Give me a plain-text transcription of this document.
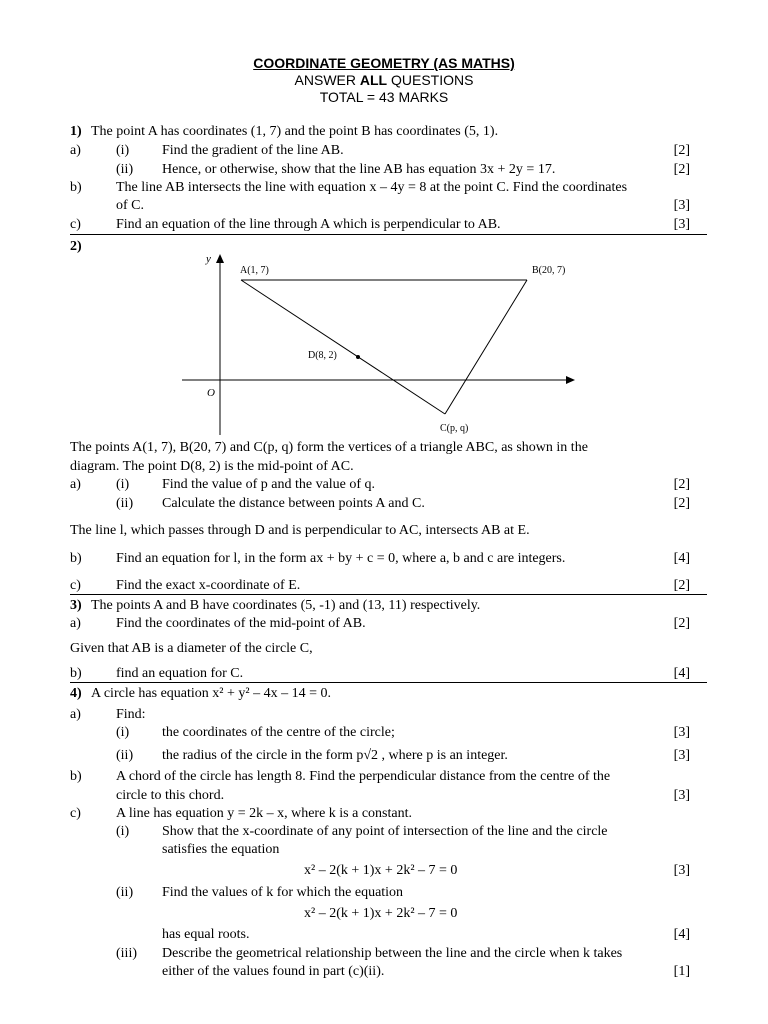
COORDINATE GEOMETRY (AS MATHS)
ANSWER ALL QUESTIONS
TOTAL = 43 MARKS
1) The point A has coordinates (1, 7) and the point B has coordinates (5, 1).
a)	(i) Find the gradient of the line AB.	[2]
(ii) Hence, or otherwise, show that the line AB has equation 3x + 2y = 17.	[2]
b) The line AB intersects the line with equation x – 4y = 8 at the point C. Find the coordinates
of C.	[3]
c)	Find an equation of the line through A which is perpendicular to AB.	[3]
2)
y
O
A(1, 7)	B(20, 7)
D(8, 2)
C(p, q)
The points A(1, 7), B(20, 7) and C(p, q) form the vertices of a triangle ABC, as shown in the
diagram. The point D(8, 2) is the mid-point of AC.
a)	(i) Find the value of p and the value of q.	[2]
(ii) Calculate the distance between points A and C.	[2]
The line l, which passes through D and is perpendicular to AC, intersects AB at E.
b) Find an equation for l, in the form ax + by + c = 0, where a, b and c are integers.	[4]
c)	Find the exact x-coordinate of E.	[2]
3) The points A and B have coordinates (5, -1) and (13, 11) respectively.
a)	Find the coordinates of the mid-point of AB.	[2]
Given that AB is a diameter of the circle C,
b) find an equation for C.	[4]
4) A circle has equation x² + y² – 4x – 14 = 0.
a)	Find:
(i) the coordinates of the centre of the circle;	[3]
(ii) the radius of the circle in the form p√2 , where p is an integer.	[3]
b) A chord of the circle has length 8. Find the perpendicular distance from the centre of the
circle to this chord.	[3]
c)	A line has equation y = 2k – x, where k is a constant.
(i) Show that the x-coordinate of any point of intersection of the line and the circle
satisfies the equation
x² – 2(k + 1)x + 2k² – 7 = 0	[3]
(ii) Find the values of k for which the equation
x² – 2(k + 1)x + 2k² – 7 = 0
has equal roots.	[4]
(iii) Describe the geometrical relationship between the line and the circle when k takes
either of the values found in part (c)(ii).	[1]
